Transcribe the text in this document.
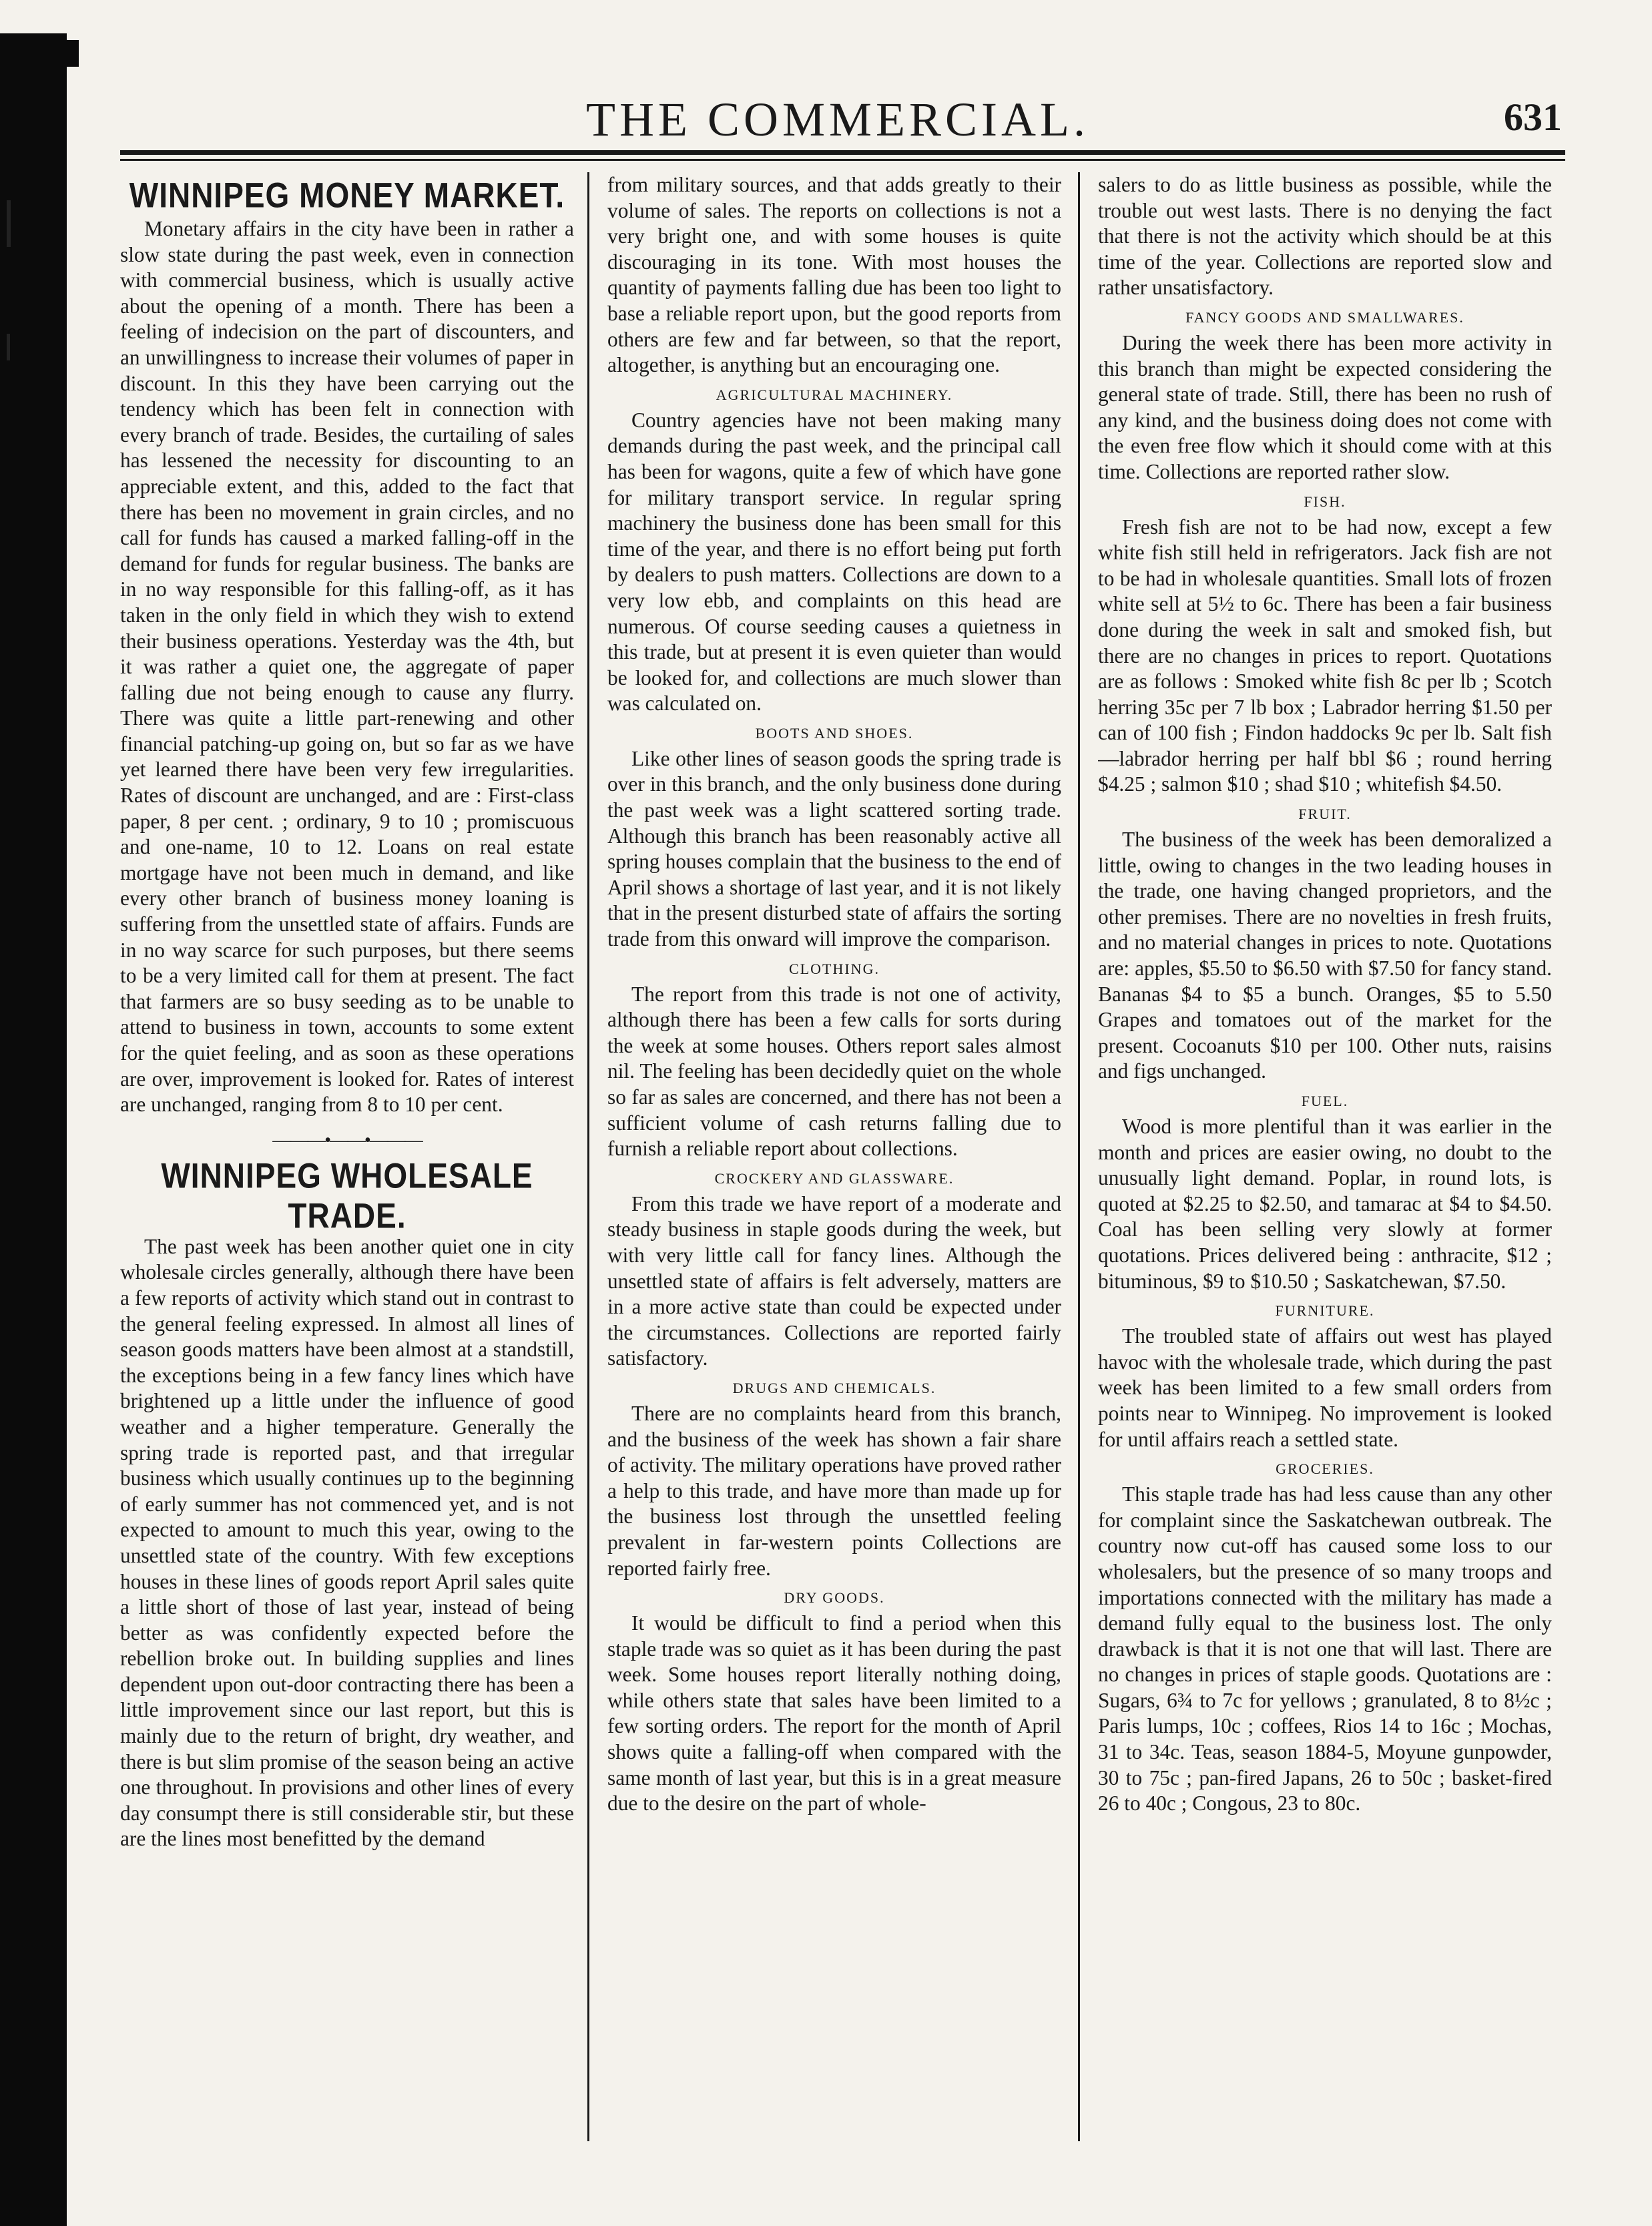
THE COMMERCIAL.	631
WINNIPEG MONEY MARKET.

Monetary affairs in the city have been in rather a slow state during the past week, even in connection with commercial business, which is usually active about the opening of a month. There has been a feeling of indecision on the part of discounters, and an unwillingness to increase their volumes of paper in discount. In this they have been carrying out the tendency which has been felt in connection with every branch of trade. Besides, the curtailing of sales has lessened the necessity for discounting to an appreciable extent, and this, added to the fact that there has been no movement in grain circles, and no call for funds has caused a marked falling-off in the demand for funds for regular business. The banks are in no way responsible for this falling-off, as it has taken in the only field in which they wish to extend their business operations. Yesterday was the 4th, but it was rather a quiet one, the aggregate of paper falling due not being enough to cause any flurry. There was quite a little part-renewing and other financial patching-up going on, but so far as we have yet learned there have been very few irregularities. Rates of discount are unchanged, and are : First-class paper, 8 per cent. ; ordinary, 9 to 10 ; promiscuous and one-name, 10 to 12. Loans on real estate mortgage have not been much in demand, and like every other branch of business money loaning is suffering from the unsettled state of affairs. Funds are in no way scarce for such purposes, but there seems to be a very limited call for them at present. The fact that farmers are so busy seeding as to be unable to attend to business in town, accounts to some extent for the quiet feeling, and as soon as these operations are over, improvement is looked for. Rates of interest are unchanged, ranging from 8 to 10 per cent.

———•——•———
WINNIPEG WHOLESALE TRADE.

The past week has been another quiet one in city wholesale circles generally, although there have been a few reports of activity which stand out in contrast to the general feeling expressed. In almost all lines of season goods matters have been almost at a standstill, the exceptions being in a few fancy lines which have brightened up a little under the influence of good weather and a higher temperature. Generally the spring trade is reported past, and that irregular business which usually continues up to the beginning of early summer has not commenced yet, and is not expected to amount to much this year, owing to the unsettled state of the country. With few exceptions houses in these lines of goods report April sales quite a little short of those of last year, instead of being better as was confidently expected before the rebellion broke out. In building supplies and lines dependent upon out-door contracting there has been a little improvement since our last report, but this is mainly due to the return of bright, dry weather, and there is but slim promise of the season being an active one throughout. In provisions and other lines of every day consumpt there is still considerable stir, but these are the lines most benefitted by the demand

from military sources, and that adds greatly to their volume of sales. The reports on collections is not a very bright one, and with some houses is quite discouraging in its tone. With most houses the quantity of payments falling due has been too light to base a reliable report upon, but the good reports from others are few and far between, so that the report, altogether, is anything but an encouraging one.

AGRICULTURAL MACHINERY.

Country agencies have not been making many demands during the past week, and the principal call has been for wagons, quite a few of which have gone for military transport service. In regular spring machinery the business done has been small for this time of the year, and there is no effort being put forth by dealers to push matters. Collections are down to a very low ebb, and complaints on this head are numerous. Of course seeding causes a quietness in this trade, but at present it is even quieter than would be looked for, and collections are much slower than was calculated on.

BOOTS AND SHOES.

Like other lines of season goods the spring trade is over in this branch, and the only business done during the past week was a light scattered sorting trade. Although this branch has been reasonably active all spring houses complain that the business to the end of April shows a shortage of last year, and it is not likely that in the present disturbed state of affairs the sorting trade from this onward will improve the comparison.

CLOTHING.

The report from this trade is not one of activity, although there has been a few calls for sorts during the week at some houses. Others report sales almost nil. The feeling has been decidedly quiet on the whole so far as sales are concerned, and there has not been a sufficient volume of cash returns falling due to furnish a reliable report about collections.

CROCKERY AND GLASSWARE.

From this trade we have report of a moderate and steady business in staple goods during the week, but with very little call for fancy lines. Although the unsettled state of affairs is felt adversely, matters are in a more active state than could be expected under the circumstances. Collections are reported fairly satisfactory.

DRUGS AND CHEMICALS.

There are no complaints heard from this branch, and the business of the week has shown a fair share of activity. The military operations have proved rather a help to this trade, and have more than made up for the business lost through the unsettled feeling prevalent in far-western points Collections are reported fairly free.

DRY GOODS.

It would be difficult to find a period when this staple trade was so quiet as it has been during the past week. Some houses report literally nothing doing, while others state that sales have been limited to a few sorting orders. The report for the month of April shows quite a falling-off when compared with the same month of last year, but this is in a great measure due to the desire on the part of whole-

salers to do as little business as possible, while the trouble out west lasts. There is no denying the fact that there is not the activity which should be at this time of the year. Collections are reported slow and rather unsatisfactory.

FANCY GOODS AND SMALLWARES.

During the week there has been more activity in this branch than might be expected considering the general state of trade. Still, there has been no rush of any kind, and the business doing does not come with the even free flow which it should come with at this time. Collections are reported rather slow.

FISH.

Fresh fish are not to be had now, except a few white fish still held in refrigerators. Jack fish are not to be had in wholesale quantities. Small lots of frozen white sell at 5½ to 6c. There has been a fair business done during the week in salt and smoked fish, but there are no changes in prices to report. Quotations are as follows : Smoked white fish 8c per lb ; Scotch herring 35c per 7 lb box ; Labrador herring $1.50 per can of 100 fish ; Findon haddocks 9c per lb. Salt fish—labrador herring per half bbl $6 ; round herring $4.25 ; salmon $10 ; shad $10 ; whitefish $4.50.

FRUIT.

The business of the week has been demoralized a little, owing to changes in the two leading houses in the trade, one having changed proprietors, and the other premises. There are no novelties in fresh fruits, and no material changes in prices to note. Quotations are: apples, $5.50 to $6.50 with $7.50 for fancy stand. Bananas $4 to $5 a bunch. Oranges, $5 to 5.50 Grapes and tomatoes out of the market for the present. Cocoanuts $10 per 100. Other nuts, raisins and figs unchanged.

FUEL.

Wood is more plentiful than it was earlier in the month and prices are easier owing, no doubt to the unusually light demand. Poplar, in round lots, is quoted at $2.25 to $2.50, and tamarac at $4 to $4.50. Coal has been selling very slowly at former quotations. Prices delivered being : anthracite, $12 ; bituminous, $9 to $10.50 ; Saskatchewan, $7.50.

FURNITURE.

The troubled state of affairs out west has played havoc with the wholesale trade, which during the past week has been limited to a few small orders from points near to Winnipeg. No improvement is looked for until affairs reach a settled state.

GROCERIES.

This staple trade has had less cause than any other for complaint since the Saskatchewan outbreak. The country now cut-off has caused some loss to our wholesalers, but the presence of so many troops and importations connected with the military has made a demand fully equal to the business lost. The only drawback is that it is not one that will last. There are no changes in prices of staple goods. Quotations are : Sugars, 6¾ to 7c for yellows ; granulated, 8 to 8½c ; Paris lumps, 10c ; coffees, Rios 14 to 16c ; Mochas, 31 to 34c. Teas, season 1884-5, Moyune gunpowder, 30 to 75c ; pan-fired Japans, 26 to 50c ; basket-fired 26 to 40c ; Congous, 23 to 80c.
